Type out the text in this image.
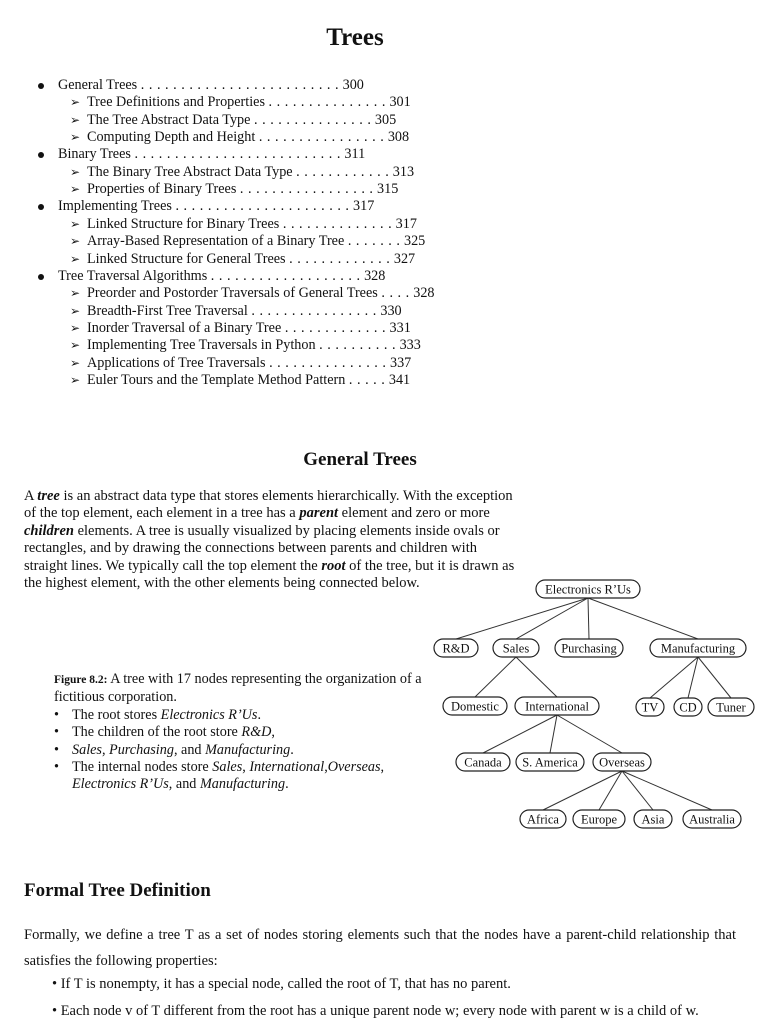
Trees
General Trees . . . . . . . . . . . . . . . . . . . . . . . . . 300
Tree Definitions and Properties . . . . . . . . . . . . . . . 301
➢
The Tree Abstract Data Type . . . . . . . . . . . . . . . 305
➢
Computing Depth and Height . . . . . . . . . . . . . . . . 308
➢
Binary Trees . . . . . . . . . . . . . . . . . . . . . . . . . . 311
The Binary Tree Abstract Data Type . . . . . . . . . . . . 313
➢
Properties of Binary Trees . . . . . . . . . . . . . . . . . 315
➢
Implementing Trees . . . . . . . . . . . . . . . . . . . . . . 317
Linked Structure for Binary Trees . . . . . . . . . . . . . . 317
➢
Array-Based Representation of a Binary Tree . . . . . . . 325
➢
Linked Structure for General Trees . . . . . . . . . . . . . 327
➢
Tree Traversal Algorithms . . . . . . . . . . . . . . . . . . . 328
Preorder and Postorder Traversals of General Trees . . . . 328
➢
Breadth-First Tree Traversal . . . . . . . . . . . . . . . . 330
➢
Inorder Traversal of a Binary Tree . . . . . . . . . . . . . 331
➢
Implementing Tree Traversals in Python . . . . . . . . . . 333
➢
Applications of Tree Traversals . . . . . . . . . . . . . . . 337
➢
Euler Tours and the Template Method Pattern . . . . . 341
➢
General Trees
A tree is an abstract data type that stores elements hierarchically. With the exception of the top element, each element in a tree has a parent element and zero or more children elements. A tree is usually visualized by placing elements inside ovals or rectangles, and by drawing the connections between parents and children with straight lines. We typically call the top element the root of the tree, but it is drawn as the highest element, with the other elements being connected below.
Figure 8.2: A tree with 17 nodes representing the organization of a fictitious corporation.
• The root stores Electronics R’Us.
• The children of the root store R&D,
• Sales, Purchasing, and Manufacturing.
• The internal nodes store Sales, International,Overseas, Electronics R’Us, and Manufacturing.
Electronics R’Us
R&D	Sales	Purchasing	Manufacturing
Domestic International	TV CD Tuner
Canada S. America Overseas
Africa Europe Asia Australia
Formal Tree Definition
Formally, we define a tree T as a set of nodes storing elements such that the nodes have a parent-child relationship that satisfies the following properties:
• If T is nonempty, it has a special node, called the root of T, that has no parent.
• Each node v of T different from the root has a unique parent node w; every node with parent w is a child of w.
